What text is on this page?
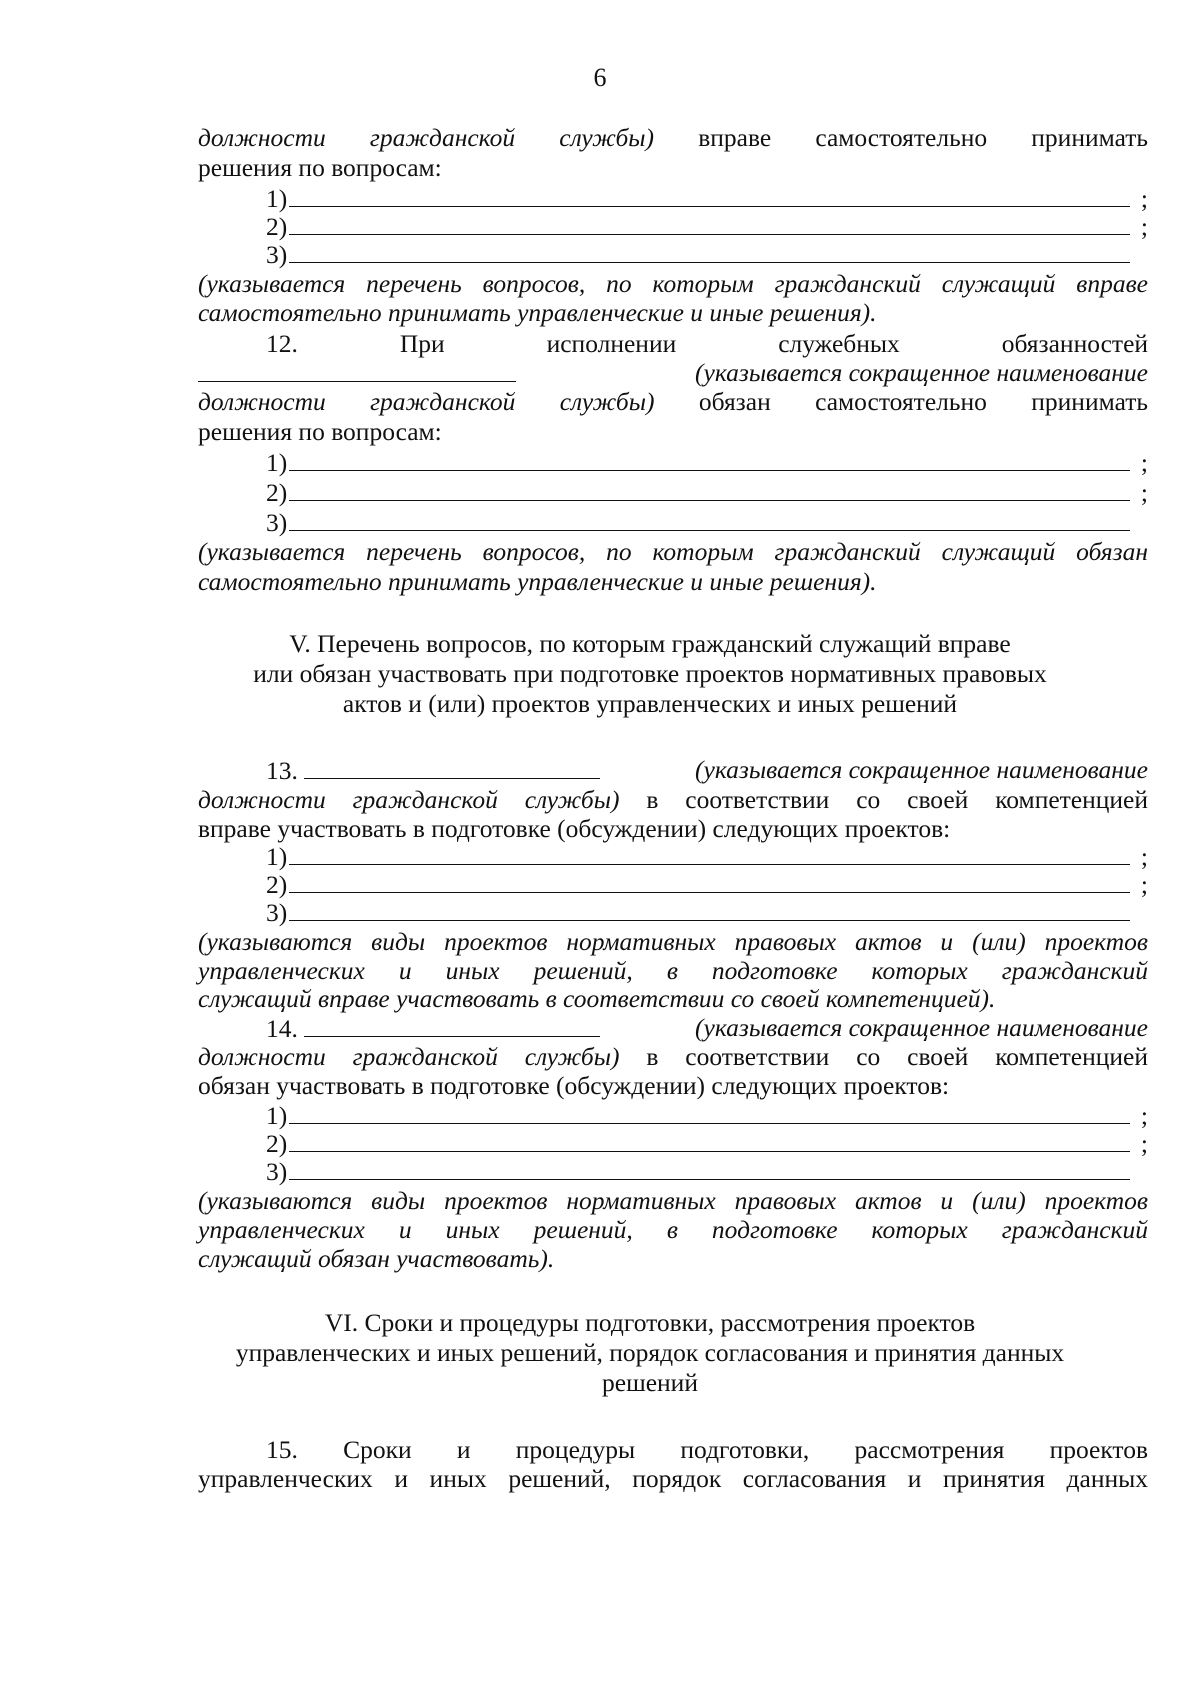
6
должности гражданской службы) вправе самостоятельно принимать
решения по вопросам:
1)	;
2)	;
3)
(указывается перечень вопросов, по которым гражданский служащий вправе
самостоятельно принимать управленческие и иные решения).
12.	При	исполнении	служебных	обязанностей
(указывается сокращенное наименование
должности гражданской службы) обязан самостоятельно принимать
решения по вопросам:
1)	;
2)	;
3)
(указывается перечень вопросов, по которым гражданский служащий обязан
самостоятельно принимать управленческие и иные решения).
V. Перечень вопросов, по которым гражданский служащий вправе
или обязан участвовать при подготовке проектов нормативных правовых
актов и (или) проектов управленческих и иных решений
13.	(указывается сокращенное наименование
должности гражданской службы) в соответствии со своей компетенцией
вправе участвовать в подготовке (обсуждении) следующих проектов:
1)	;
2)	;
3)
(указываются виды проектов нормативных правовых актов и (или) проектов
управленческих и иных решений, в подготовке которых гражданский
служащий вправе участвовать в соответствии со своей компетенцией).
14.	(указывается сокращенное наименование
должности гражданской службы) в соответствии со своей компетенцией
обязан участвовать в подготовке (обсуждении) следующих проектов:
1)	;
2)	;
3)
(указываются виды проектов нормативных правовых актов и (или) проектов
управленческих и иных решений, в подготовке которых гражданский
служащий обязан участвовать).
VI. Сроки и процедуры подготовки, рассмотрения проектов
управленческих и иных решений, порядок согласования и принятия данных
решений
15. Сроки и процедуры подготовки, рассмотрения проектов
управленческих и иных решений, порядок согласования и принятия данных
